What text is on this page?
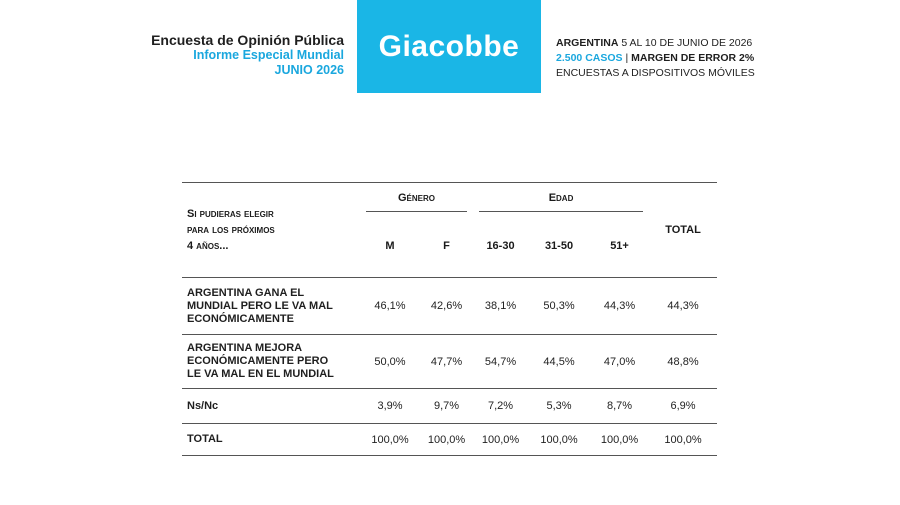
Encuesta de Opinión Pública
Informe Especial Mundial
JUNIO 2026
Giacobbe	ARGENTINA 5 AL 10 DE JUNIO DE 2026
2.500 CASOS | MARGEN DE ERROR 2%
ENCUESTAS A DISPOSITIVOS MÓVILES
Si pudieras elegir
para los próximos
4 años...	Género		Edad			TOTAL
	M	F	16-30	31-50	51+	

ARGENTINA GANA EL
MUNDIAL PERO LE VA MAL
ECONÓMICAMENTE	46,1%	42,6%	38,1%	50,3%	44,3%	44,3%

ARGENTINA MEJORA
ECONÓMICAMENTE PERO
LE VA MAL EN EL MUNDIAL	50,0%	47,7%	54,7%	44,5%	47,0%	48,8%

Ns/Nc	3,9%	9,7%	7,2%	5,3%	8,7%	6,9%

TOTAL	100,0%	100,0%	100,0%	100,0%	100,0%	100,0%
